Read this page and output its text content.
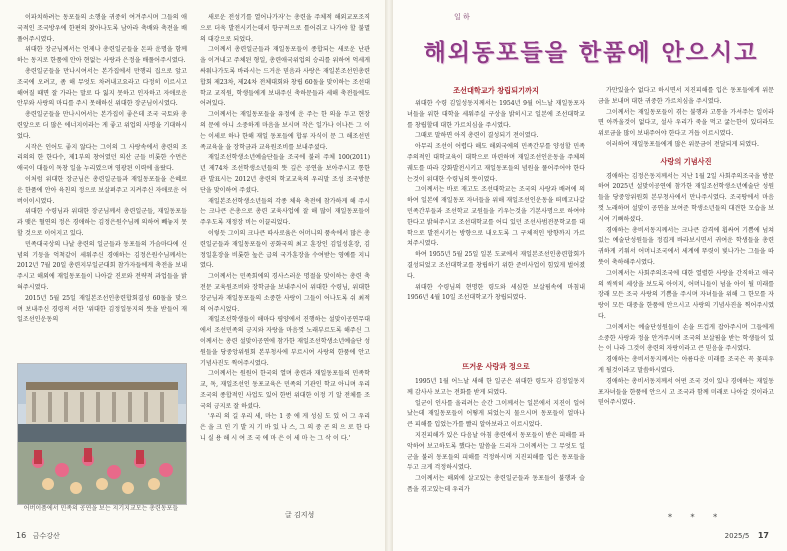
이파치하려는 동포들의 소행을 귀중히 여겨주시며 그들의 애국적인 조국방우에 한편의 찾아나도록 남아라 축배와 축전을 배풀어주시였다.

위대한 장군님께서는 언제나 총련일군들을 돈파 운명을 함께 하는 동지로 한품에 안아 현없는 사랑과 은정을 배풀어주시였다.

총련일군들을 만나시여서는 본가집에서 만행리 집으로 앞고 조국에 오려고, 좀 해 무엇도 차려내고요라고 다정히 이르시고 해여질 때면 잘 가라는 말로 다 잃지 못하고 인자하고 자애로운 안부와 사랑의 마디를 주시 못해하신 위대한 장군님이시였다.

총련일군들을 만나시여서는 본가집이 좋은데 조국 국토와 총련앞으로 더 많은 에너지이라는 게 좋고 위업의 사명을 기대하시었다.

시작은 인어도 좋지 않다는 그이의 그 사랑속에서 총련의 조리의의 한 한다수, 제1부의 창어였던 의산 군들 비롯한 수먼은 애국이 대들이 독창 일을 누리였으며 영광된 이력에 올랐다.

이처럼 위대한 장군님은 총련일군들과 재일동포들을 은혜로운 한품에 안아 육친의 정으로 보살펴주고 지켜주신 자애로운 어버이이시였다.

위대한 수령님과 위대한 장군님께서 총련일군들, 재일동포들과 맺은 혈연의 정은 경애하는 김정은원수님께 의하여 빼놓지 못할 것으로 이어지고 있다.

민족대국상의 나날 총련의 일군들과 동포들의 가슴마다에 신념의 기둥을 억척같이 세워주신 경애하는 김정은원수님께서는 2012년 7월 20일 총련지부일군대회 참가자들에게 축전을 보내주시고 해외에 재일동포들이 나아갈 진로와 전략적 과업들을 밝혀주시였다.

2015년 5월 25일 재일본조선인총련합회결성 60돌을 맞으며 보내주신 경령적 서한 '위대한 김정일동지의 뜻을 받들어 재일조선인운동의

새로운 전성기를 열어나가자'는 총련을 주체적 해외교포조직으로 더욱 발전시키는데서 항구적으로 틀어쥐고 나가야 할 불멸의 대강으로 되었다.

그이께서 총련일군들과 재일동포들이 종합되는 새로운 난관을 이겨내고 주체된 형일, 총련애국위업의 승리를 위하여 억세게 싸워나가도록 바라시는 드거운 믿음과 사랑은 재일본조선인총련합회 제23차, 제24차 전체대회와 창립 60돌을 맞이하는 조선대학교 교직원, 학생들에게 보내주신 축하문들과 세해 축전들에도 어려있다.

그이께서는 재일동포들을 유정에 운 주는 한 의을 두고 현장의 문에 아니 소중하게 마음을 보시며 작은 일가나 이나든 그 이는 이세로 하나 한해 재일 동포들에 합류 자식이 문 그 해조선민족교육을 을 장학금과 교육원조비를 보내주셨다.

재일조선학생소년예술단들을 조국에 불러 주체 100(2011)년 제74차 조선학생소년들의 뜻 깊은 공연을 보아주시고 통한 관 발표시는 2012년 총련의 학교교육의 우리말 조성 조국방문단을 맞이하여 주셨다.

재일본조선학생소년들의 각종 체육 축전에 참가하게 해 주시는 크나큰 은총으로 총련 교육사업에 잘 해 많이 재일동포들이 주우도록 재정장 비는 이끌리었다.

이렇듯 그이의 크나큰 따사로움은 어머니의 품속에서 많은 총련일군들과 재일동포들이 공화국의 최고 훈장인 김일성훈장, 김정일훈장을 비롯한 높은 급의 국가훈장을 수여받는 영예를 지니였다.

그이께서는 민족회에의 경사스러운 명절을 맞이하는 총련 축전문 교육원조비와 장학금을 보내주시어 위대한 수령님, 위대한 장군님과 재일동포들의 소중한 사랑이 그들이 어나도록 쉬 최적의 어주시었다.

재일조선학생들이 해마다 평양에서 진행하는 설맞이공연무대에서 조선민족의 긍지와 자랑을 마음껏 노래부르도록 해주신 그이께서는 총련 설맞이공연에 참가한 재일조선학생소년예술단 성원들을 당중앙위원회 본부청사에 부르시여 사랑의 한품에 안고 기념사진도 찍어주시였다.

그이께서는 원원어 한국의 열며 총련과 재일동포들의 민족학교, 독, 재일조선인 동포교육은 민족의 기관인 학교 아니며 우리 조국의 종합적인 사업도 있어 한번 위대한 이정 기 알 전체를 조국의 긍지로 잘 하셨다.

'우리 의 길 우리 세, 마는 1 중 에 게 성심 도 있 어 그 우리 은 을 크 인 기 발 지 기 바 있 나 스, 그 의 중 곤 의 으 로 한 다 니 실 용 해 시 여 조 국 에 마 은 이 세 마 는 그 삭 이 다.'

어버이품에서 민족의 공연을 보는 지기지교모는 총련동포들
글 김지성
16 금수강산
일 하
해외동포들을 한품에 안으시고
조선대학교가 창립되기까지

위대한 수령 김일성동지께서는 1954년 9월 어느날 재일동포자녀들을 위한 대학을 세워주실 구상을 밝히시고 일본에 조선대학교를 창립할데 대한 가르치심을 주시였다.

그때로 말하면 아직 총련이 결성되기 전이였다.

아무리 조선이 어렵다 해도 해외국에의 민족간부를 양성할 민족주의적인 대학교육이 대학으로 마련하며 재일조선인운동을 주체의 궤도를 따라 강화발전시키고 재일동포들의 념원을 풀어주어야 한다는것이 위대한 수령님의 뜻이였다.

그이께서는 바로 재고도 조선대학교는 조국의 사랑과 배려에 의하여 일본에 재일동포 자녀들을 위해 재일조선인운동을 떠메고나갈 민족간부들과 조선학교 교원들을 키우는것을 기본사명으로 하여야 한다고 밝혀주시고 조선대학교를 어디 있던 조선사범전문학교를 대학으로 발전시키는 방향으로 내오도록 그 구체적인 방향까지 가르쳐주시였다.

하여 1955년 5월 25일 일본 도쿄에서 재일본조선인총련합회가 결성되었고 조선대학교를 창립하기 위한 준비사업이 힘있게 벌어졌다.

위대한 수령님의 현명한 령도와 세심한 보살핌속에 마침내 1956년 4월 10일 조선대학교가 창립되였다.

뜨거운 사랑과 정으로

1995년 1월 어느날 새해 한 일군은 위대한 령도자 김정일동지께 감사사 보고는 전화를 받게 되였다.

일군이 인사를 올리려는 순간 그이께서는 일본에서 지진이 일어났는데 재일동포들이 어떻게 되었는지 물으시며 동포들이 얼마나 큰 피해를 입었는가를 빨리 알아보라고 이르시었다.

지진피해가 있은 다음날 아침 총련에서 동포들이 받은 피해를 파악하여 보고하도록 했다는 말씀을 드리자 그이께서는 그 무엇도 일군을 불러 동포들의 피해를 걱정하시며 지진피해를 입은 동포들을 두고 크게 걱정하시였다.

그이께서는 해외에 살고있는 총련일군들과 동포들이 불행과 슬픔을 겪고있는데 우리가

가만있을수 없다고 하시면서 지진피해를 입은 동포들에게 위문금을 보내며 대한 귀중한 가르치심을 주시였다.

그이께서는 재일동포들이 겪는 불행과 고통을 가셔주는 일이라면 아까울것이 없다고, 설사 우리가 죽을 먹고 굶는한이 있더라도 위로금을 많이 보내주어야 한다고 거듭 이르시였다.

이러하여 재일동포들에게 많은 위문금이 전달되게 되였다.

사랑의 기념사진

경애하는 김정은동지께서는 지난 1월 2일 사회주의조국을 방문하여 2025년 설맞이공연에 참가한 재일조선학생소년예술단 성원들을 당중앙위원회 본부청사에서 만나주시였다. 조국땅에서 마음껏 노래하며 설맞이 공연을 보여준 학생소년들의 대견한 모습을 보시여 기뻐하셨다.

경애하는 총비서동지께서는 크나큰 감격에 휩싸여 기쁨에 넘쳐있는 예술단성원들을 정겹게 바라보시면서 귀여운 학생들을 총련 귀하게 키워서 어머니조국에서 세계에 뚜렷이 빛나가는 그들을 따뜻이 축하해주시였다.

그이께서는 사회주의조국에 대한 열렬한 사랑을 간직하고 애국의 씩씩히 세상을 보도록 아이지, 어머니들이 넘을 아이 될 미래를 장래 모든 조국 사랑의 기쁨을 주시며 자녀들을 위해 그 한모를 자랑이 모든 대중을 한품에 안으시고 사랑의 기념사진을 찍어주시였다.

그이께서는 예술단성원들이 손을 뜨겁게 잡아주시며 그들에게 소중한 사랑과 정을 안겨주시며 조국의 보살핌을 받는 학생들이 있는 이 나라 그것이 총련의 자랑이라고 큰 믿음을 주시였다.

경애하는 총비서동지께서는 아름다운 미래를 조국은 꼭 꽃피우게 될것이라고 말씀하시였다.

경애하는 총비서동지께서 어떤 조국 것이 있나 경애하는 재일동포자녀들을 한품에 안으시 고 조국과 함께 미래로 나아갈 것이라고 믿어주시였다.

* * *
2025/5 17
